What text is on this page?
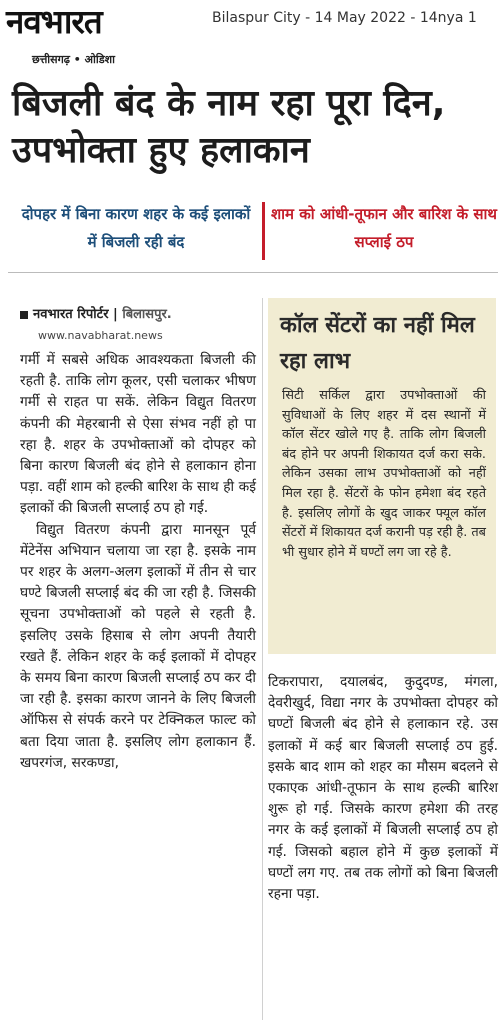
नवभारत
छत्तीसगढ़ • ओडिशा
Bilaspur City - 14 May 2022 - 14nya 1
बिजली बंद के नाम रहा पूरा दिन, उपभोक्ता हुए हलाकान
दोपहर में बिना कारण शहर के कई इलाकों में बिजली रही बंद
शाम को आंधी-तूफान और बारिश के साथ सप्लाई ठप
नवभारत रिपोर्टर | बिलासपुर.
www.navabharat.news

गर्मी में सबसे अधिक आवश्यकता बिजली की रहती है. ताकि लोग कूलर, एसी चलाकर भीषण गर्मी से राहत पा सकें. लेकिन विद्युत वितरण कंपनी की मेहरबानी से ऐसा संभव नहीं हो पा रहा है. शहर के उपभोक्ताओं को दोपहर को बिना कारण बिजली बंद होने से हलाकान होना पड़ा. वहीं शाम को हल्की बारिश के साथ ही कई इलाकों की बिजली सप्लाई ठप हो गई.

विद्युत वितरण कंपनी द्वारा मानसून पूर्व मेंटेनेंस अभियान चलाया जा रहा है. इसके नाम पर शहर के अलग-अलग इलाकों में तीन से चार घण्टे बिजली सप्लाई बंद की जा रही है. जिसकी सूचना उपभोक्ताओं को पहले से रहती है. इसलिए उसके हिसाब से लोग अपनी तैयारी रखते हैं. लेकिन शहर के कई इलाकों में दोपहर के समय बिना कारण बिजली सप्लाई ठप कर दी जा रही है. इसका कारण जानने के लिए बिजली ऑफिस से संपर्क करने पर टेक्निकल फाल्ट को बता दिया जाता है. इसलिए लोग हलाकान हैं. खपरगंज, सरकण्डा,

कॉल सेंटरों का नहीं मिल रहा लाभ
सिटी सर्किल द्वारा उपभोक्ताओं की सुविधाओं के लिए शहर में दस स्थानों में कॉल सेंटर खोले गए है. ताकि लोग बिजली बंद होने पर अपनी शिकायत दर्ज करा सके. लेकिन उसका लाभ उपभोक्ताओं को नहीं मिल रहा है. सेंटरों के फोन हमेशा बंद रहते है. इसलिए लोगों के खुद जाकर फ्यूल कॉल सेंटरों में शिकायत दर्ज करानी पड़ रही है. तब भी सुधार होने में घण्टों लग जा रहे है.

टिकरापारा, दयालबंद, कुदुदण्ड, मंगला, देवरीखुर्द, विद्या नगर के उपभोक्ता दोपहर को घण्टों बिजली बंद होने से हलाकान रहे. उस इलाकों में कई बार बिजली सप्लाई ठप हुई. इसके बाद शाम को शहर का मौसम बदलने से एकाएक आंधी-तूफान के साथ हल्की बारिश शुरू हो गई. जिसके कारण हमेशा की तरह नगर के कई इलाकों में बिजली सप्लाई ठप हो गई. जिसको बहाल होने में कुछ इलाकों में घण्टों लग गए. तब तक लोगों को बिना बिजली रहना पड़ा.
